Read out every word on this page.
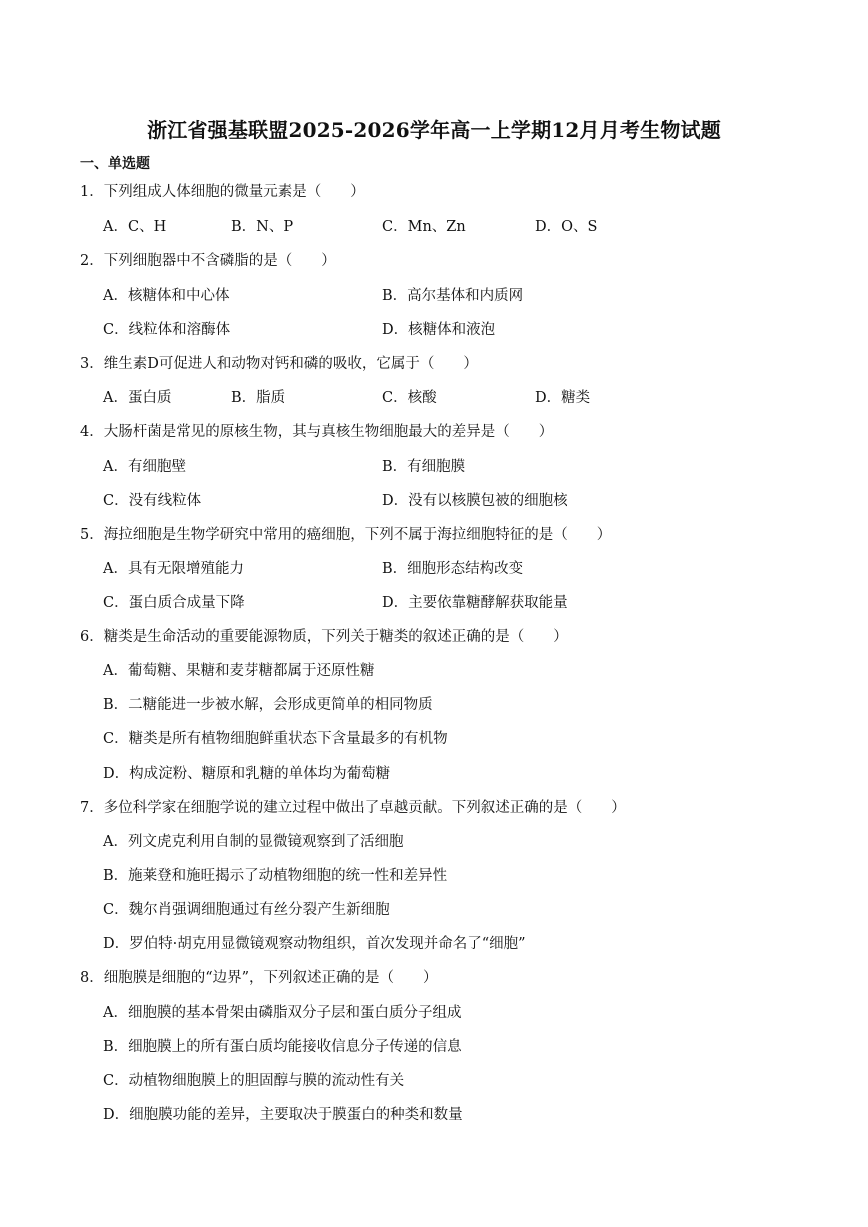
浙江省强基联盟2025-2026学年高一上学期12月月考生物试题
一、单选题
1．下列组成人体细胞的微量元素是（　　）
A．C、H	B．N、P	C．Mn、Zn	D．O、S
2．下列细胞器中不含磷脂的是（　　）
A．核糖体和中心体	B．高尔基体和内质网
C．线粒体和溶酶体	D．核糖体和液泡
3．维生素D可促进人和动物对钙和磷的吸收，它属于（　　）
A．蛋白质	B．脂质	C．核酸	D．糖类
4．大肠杆菌是常见的原核生物，其与真核生物细胞最大的差异是（　　）
A．有细胞壁	B．有细胞膜
C．没有线粒体	D．没有以核膜包被的细胞核
5．海拉细胞是生物学研究中常用的癌细胞，下列不属于海拉细胞特征的是（　　）
A．具有无限增殖能力	B．细胞形态结构改变
C．蛋白质合成量下降	D．主要依靠糖酵解获取能量
6．糖类是生命活动的重要能源物质，下列关于糖类的叙述正确的是（　　）
A．葡萄糖、果糖和麦芽糖都属于还原性糖
B．二糖能进一步被水解，会形成更简单的相同物质
C．糖类是所有植物细胞鲜重状态下含量最多的有机物
D．构成淀粉、糖原和乳糖的单体均为葡萄糖
7．多位科学家在细胞学说的建立过程中做出了卓越贡献。下列叙述正确的是（　　）
A．列文虎克利用自制的显微镜观察到了活细胞
B．施莱登和施旺揭示了动植物细胞的统一性和差异性
C．魏尔肖强调细胞通过有丝分裂产生新细胞
D．罗伯特·胡克用显微镜观察动物组织，首次发现并命名了“细胞”
8．细胞膜是细胞的“边界”，下列叙述正确的是（　　）
A．细胞膜的基本骨架由磷脂双分子层和蛋白质分子组成
B．细胞膜上的所有蛋白质均能接收信息分子传递的信息
C．动植物细胞膜上的胆固醇与膜的流动性有关
D．细胞膜功能的差异，主要取决于膜蛋白的种类和数量
